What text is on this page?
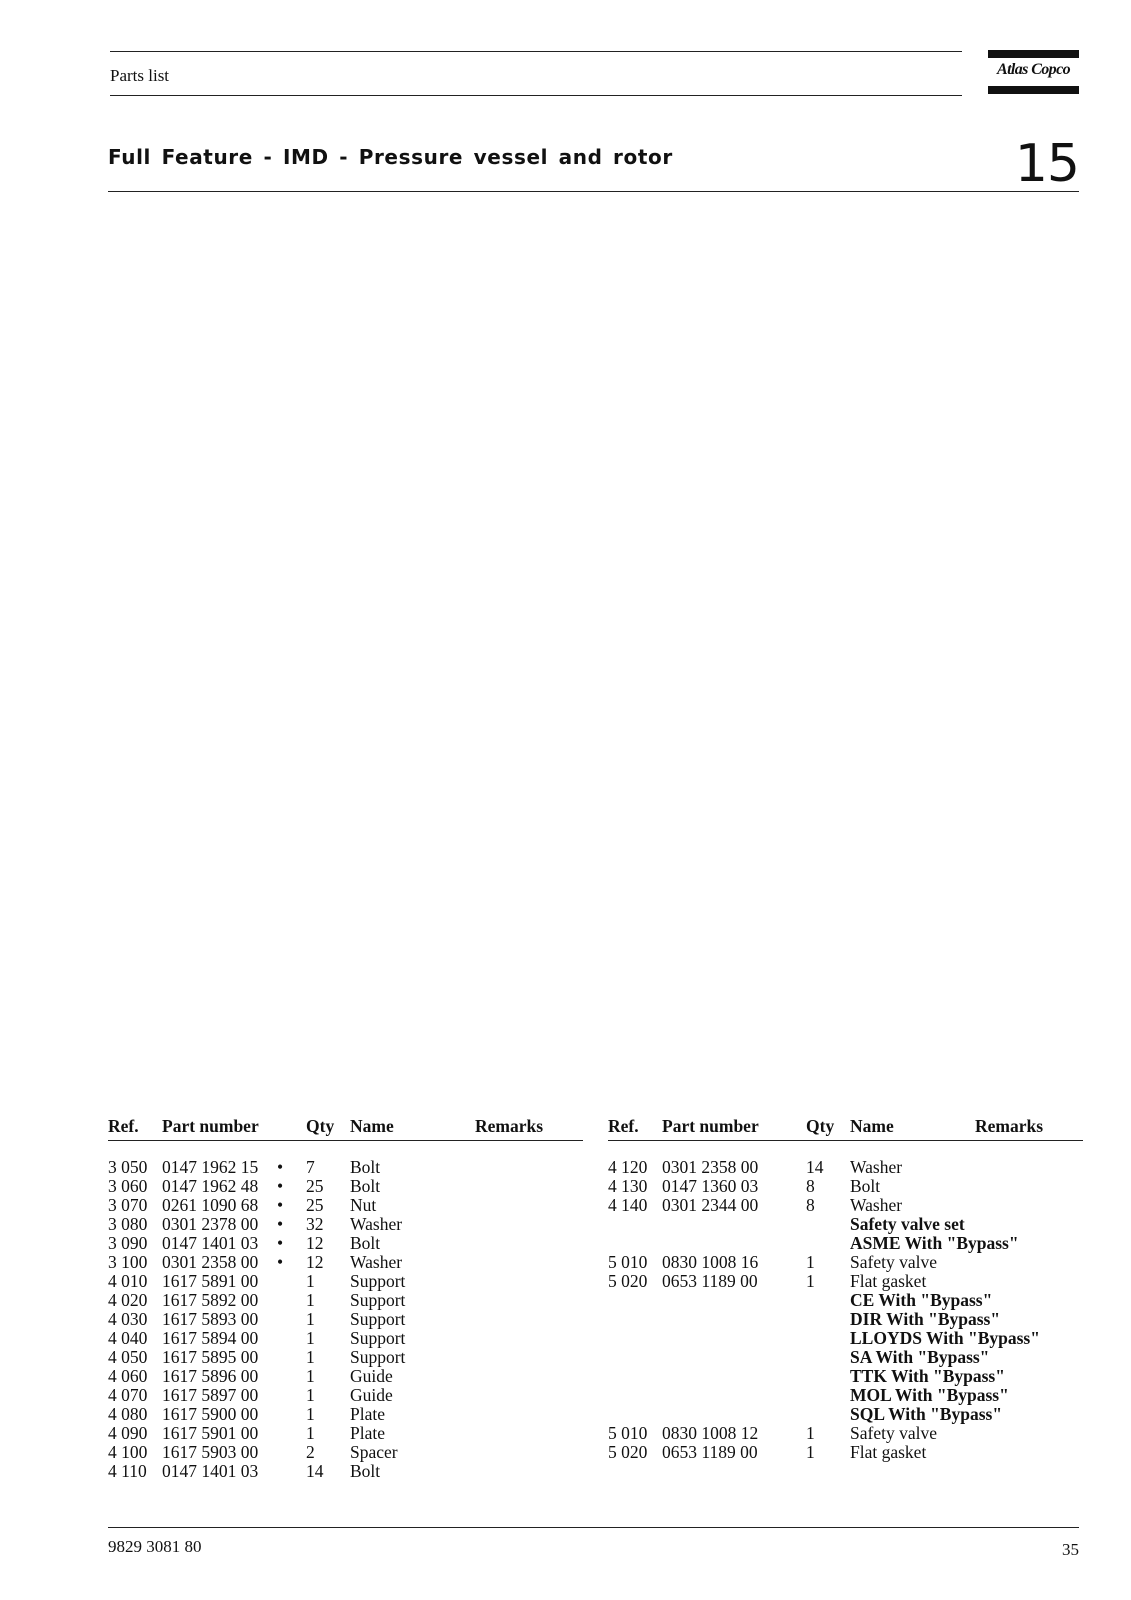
Parts list	Atlas Copco
Full Feature - IMD - Pressure vessel and rotor	15
Ref. Part number	Qty Name	Remarks
3 050 0147 1962 15 • 7 Bolt
3 060 0147 1962 48 • 25 Bolt
3 070 0261 1090 68 • 25 Nut
3 080 0301 2378 00 • 32 Washer
3 090 0147 1401 03 • 12 Bolt
3 100 0301 2358 00 • 12 Washer
4 010 1617 5891 00	1 Support
4 020 1617 5892 00	1 Support
4 030 1617 5893 00	1 Support
4 040 1617 5894 00	1 Support
4 050 1617 5895 00	1 Support
4 060 1617 5896 00	1 Guide
4 070 1617 5897 00	1 Guide
4 080 1617 5900 00	1 Plate
4 090 1617 5901 00	1 Plate
4 100 1617 5903 00	2 Spacer
4 110 0147 1401 03	14 Bolt
Ref. Part number	Qty Name	Remarks
4 120 0301 2358 00	14 Washer
4 130 0147 1360 03	8 Bolt
4 140 0301 2344 00	8 Washer
Safety valve set
ASME With "Bypass"
5 010 0830 1008 16	1 Safety valve
5 020 0653 1189 00	1 Flat gasket
CE With "Bypass"
DIR With "Bypass"
LLOYDS With "Bypass"
SA With "Bypass"
TTK With "Bypass"
MOL With "Bypass"
SQL With "Bypass"
5 010 0830 1008 12	1 Safety valve
5 020 0653 1189 00	1 Flat gasket
9829 3081 80	35
